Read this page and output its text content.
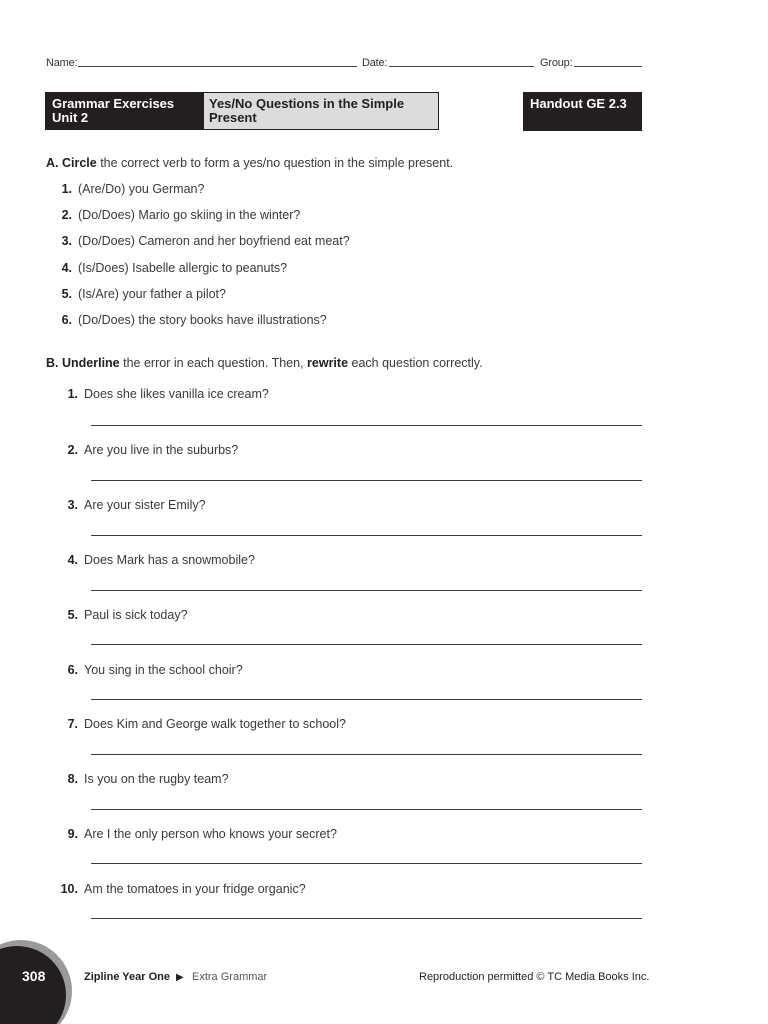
Name:	Date:	Group:
Grammar Exercises
Unit 2
Yes/No Questions in the Simple
Present
Handout GE 2.3
A. Circle the correct verb to form a yes/no question in the simple present.
1. (Are/Do) you German?
2. (Do/Does) Mario go skiing in the winter?
3. (Do/Does) Cameron and her boyfriend eat meat?
4. (Is/Does) Isabelle allergic to peanuts?
5. (Is/Are) your father a pilot?
6. (Do/Does) the story books have illustrations?
B. Underline the error in each question. Then, rewrite each question correctly.
1. Does she likes vanilla ice cream?
2. Are you live in the suburbs?
3. Are your sister Emily?
4. Does Mark has a snowmobile?
5. Paul is sick today?
6. You sing in the school choir?
7. Does Kim and George walk together to school?
8. Is you on the rugby team?
9. Are I the only person who knows your secret?
10. Am the tomatoes in your fridge organic?
308	Zipline Year One ▶ Extra Grammar	Reproduction permitted © TC Media Books Inc.
